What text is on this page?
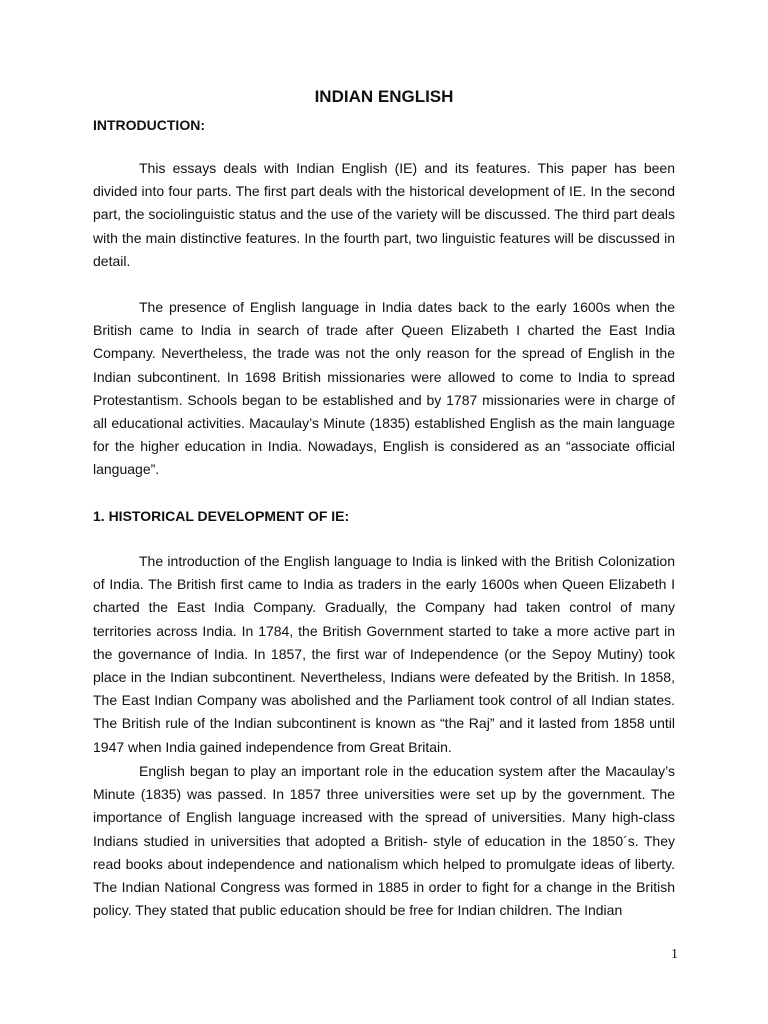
INDIAN ENGLISH
INTRODUCTION:

This essays deals with Indian English (IE) and its features. This paper has been divided into four parts. The first part deals with the historical development of IE. In the second part, the sociolinguistic status and the use of the variety will be discussed. The third part deals with the main distinctive features. In the fourth part, two linguistic features will be discussed in detail.

The presence of English language in India dates back to the early 1600s when the British came to India in search of trade after Queen Elizabeth I charted the East India Company. Nevertheless, the trade was not the only reason for the spread of English in the Indian subcontinent. In 1698 British missionaries were allowed to come to India to spread Protestantism. Schools began to be established and by 1787 missionaries were in charge of all educational activities. Macaulay’s Minute (1835) established English as the main language for the higher education in India. Nowadays, English is considered as an “associate official language”.

1. HISTORICAL DEVELOPMENT OF IE:

The introduction of the English language to India is linked with the British Colonization of India. The British first came to India as traders in the early 1600s when Queen Elizabeth I charted the East India Company. Gradually, the Company had taken control of many territories across India. In 1784, the British Government started to take a more active part in the governance of India. In 1857, the first war of Independence (or the Sepoy Mutiny) took place in the Indian subcontinent. Nevertheless, Indians were defeated by the British. In 1858, The East Indian Company was abolished and the Parliament took control of all Indian states. The British rule of the Indian subcontinent is known as “the Raj” and it lasted from 1858 until 1947 when India gained independence from Great Britain.

English began to play an important role in the education system after the Macaulay’s Minute (1835) was passed. In 1857 three universities were set up by the government. The importance of English language increased with the spread of universities. Many high-class Indians studied in universities that adopted a British- style of education in the 1850´s. They read books about independence and nationalism which helped to promulgate ideas of liberty. The Indian National Congress was formed in 1885 in order to fight for a change in the British policy. They stated that public education should be free for Indian children. The Indian

1
